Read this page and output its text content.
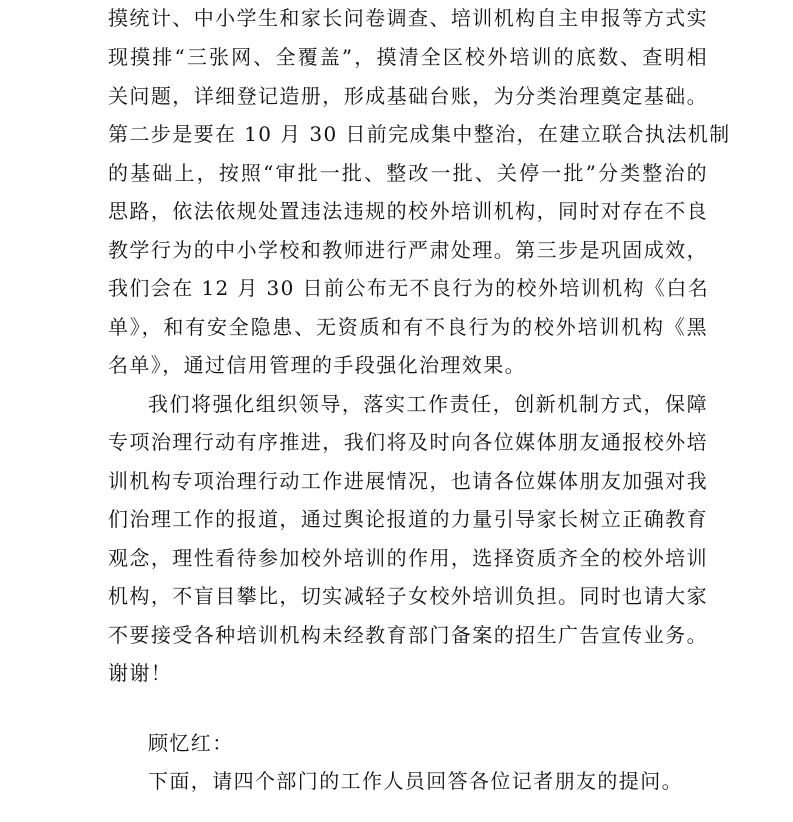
摸统计、中小学生和家长问卷调查、培训机构自主申报等方式实
现摸排“三张网、全覆盖”，摸清全区校外培训的底数、查明相
关问题，详细登记造册，形成基础台账，为分类治理奠定基础。
第二步是要在 10 月 30 日前完成集中整治，在建立联合执法机制
的基础上，按照“审批一批、整改一批、关停一批”分类整治的
思路，依法依规处置违法违规的校外培训机构，同时对存在不良
教学行为的中小学校和教师进行严肃处理。第三步是巩固成效，
我们会在 12 月 30 日前公布无不良行为的校外培训机构《白名
单》，和有安全隐患、无资质和有不良行为的校外培训机构《黑
名单》，通过信用管理的手段强化治理效果。
我们将强化组织领导，落实工作责任，创新机制方式，保障
专项治理行动有序推进，我们将及时向各位媒体朋友通报校外培
训机构专项治理行动工作进展情况，也请各位媒体朋友加强对我
们治理工作的报道，通过舆论报道的力量引导家长树立正确教育
观念，理性看待参加校外培训的作用，选择资质齐全的校外培训
机构，不盲目攀比，切实减轻子女校外培训负担。同时也请大家
不要接受各种培训机构未经教育部门备案的招生广告宣传业务。
谢谢！
顾忆红：
下面，请四个部门的工作人员回答各位记者朋友的提问。
